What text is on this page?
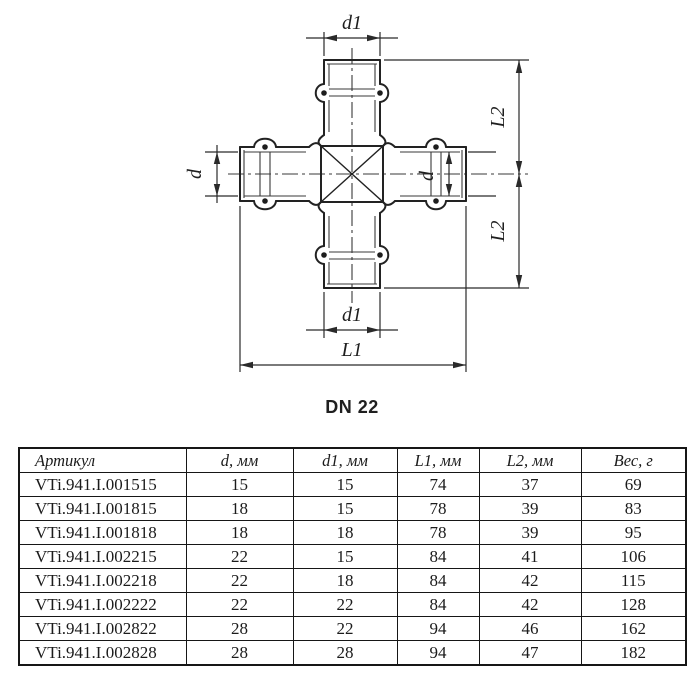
d1
d	d
L2
L2
d1
L1
DN 22
Артикул	d, мм	d1, мм	L1, мм	L2, мм	Вес, г
VTi.941.I.001515	15	15	74	37	69
VTi.941.I.001815	18	15	78	39	83
VTi.941.I.001818	18	18	78	39	95
VTi.941.I.002215	22	15	84	41	106
VTi.941.I.002218	22	18	84	42	115
VTi.941.I.002222	22	22	84	42	128
VTi.941.I.002822	28	22	94	46	162
VTi.941.I.002828	28	28	94	47	182
